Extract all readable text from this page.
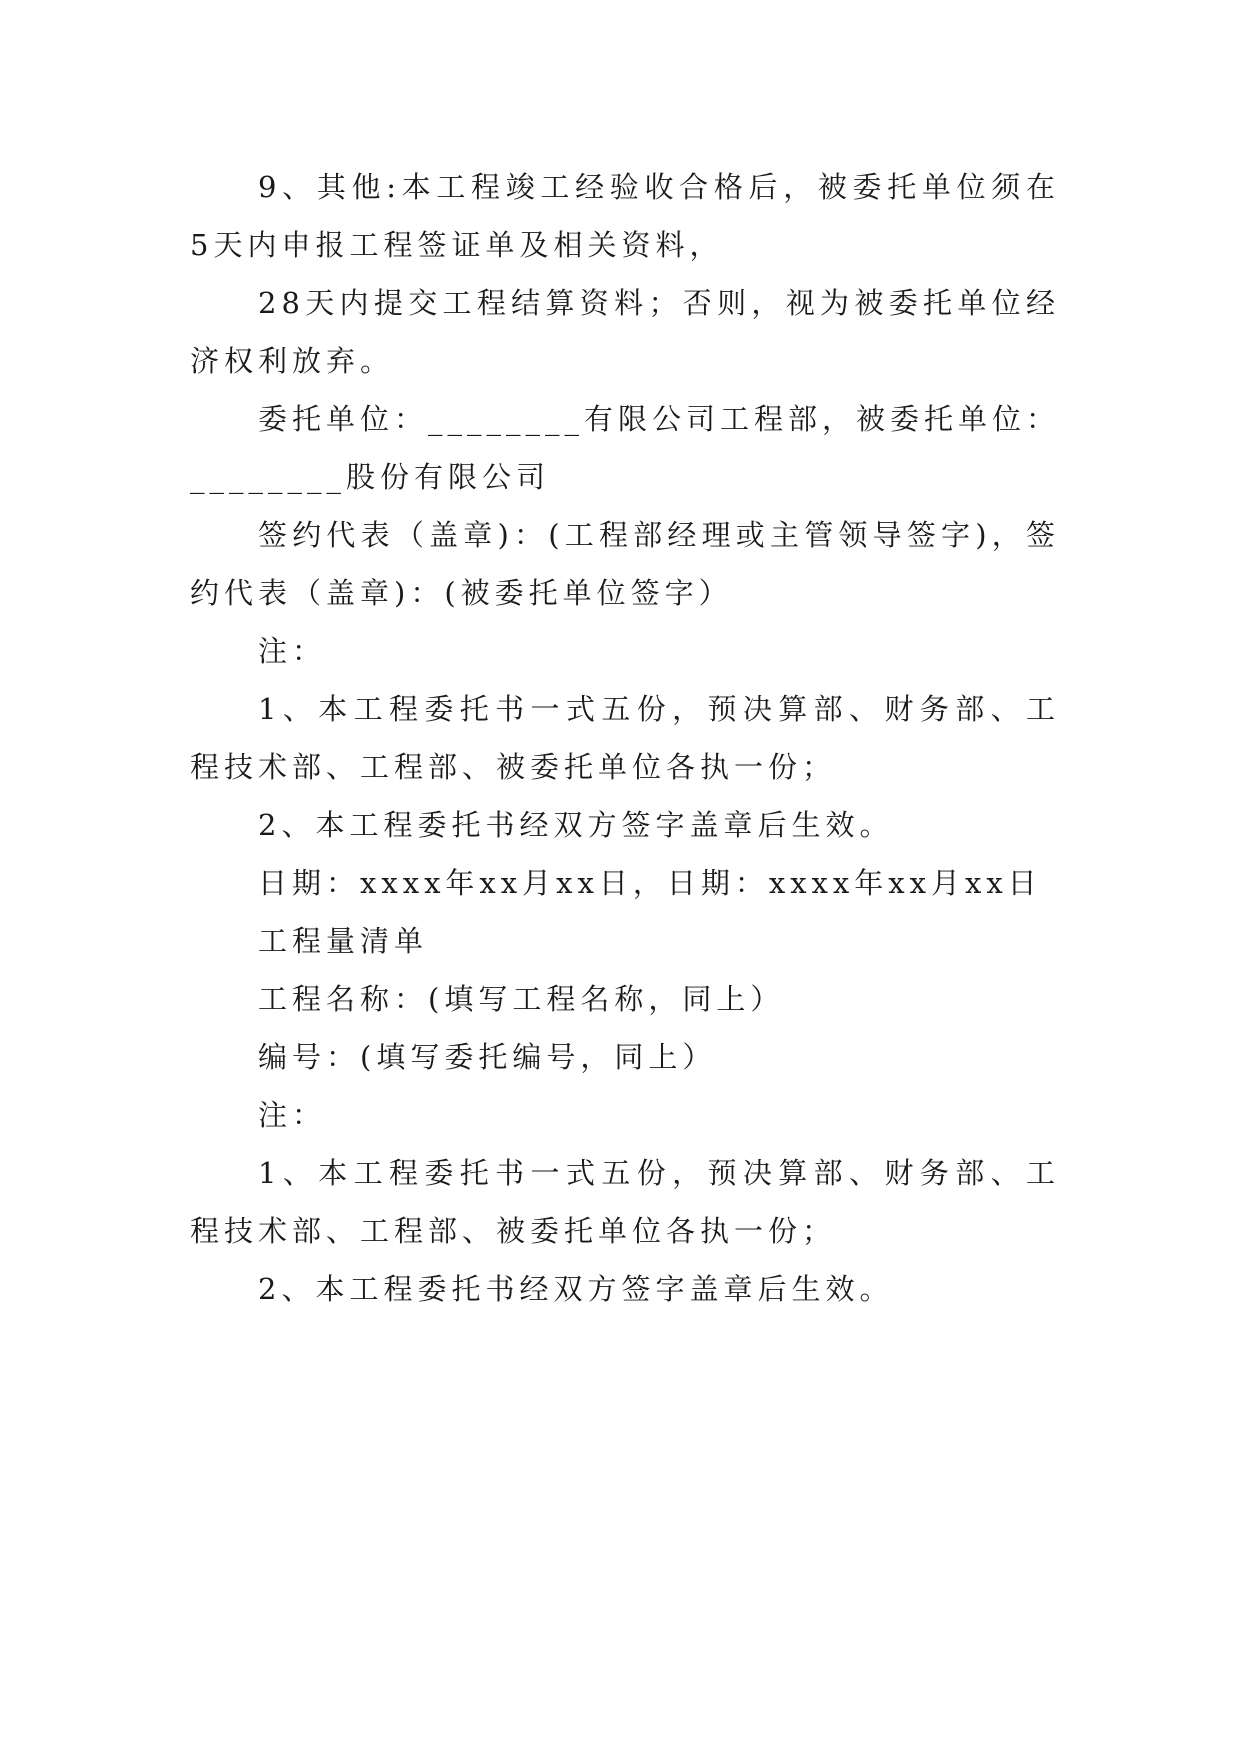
9、其他:本工程竣工经验收合格后，被委托单位须在5天内申报工程签证单及相关资料，

28天内提交工程结算资料；否则，视为被委托单位经济权利放弃。

委托单位：________有限公司工程部，被委托单位：________股份有限公司

签约代表（盖章)：(工程部经理或主管领导签字)，签约代表（盖章)：(被委托单位签字）

注：

1、本工程委托书一式五份，预决算部、财务部、工程技术部、工程部、被委托单位各执一份；

2、本工程委托书经双方签字盖章后生效。

日期：xxxx年xx月xx日，日期：xxxx年xx月xx日

工程量清单

工程名称：(填写工程名称，同上）

编号：(填写委托编号，同上）

注：

1、本工程委托书一式五份，预决算部、财务部、工程技术部、工程部、被委托单位各执一份；

2、本工程委托书经双方签字盖章后生效。
